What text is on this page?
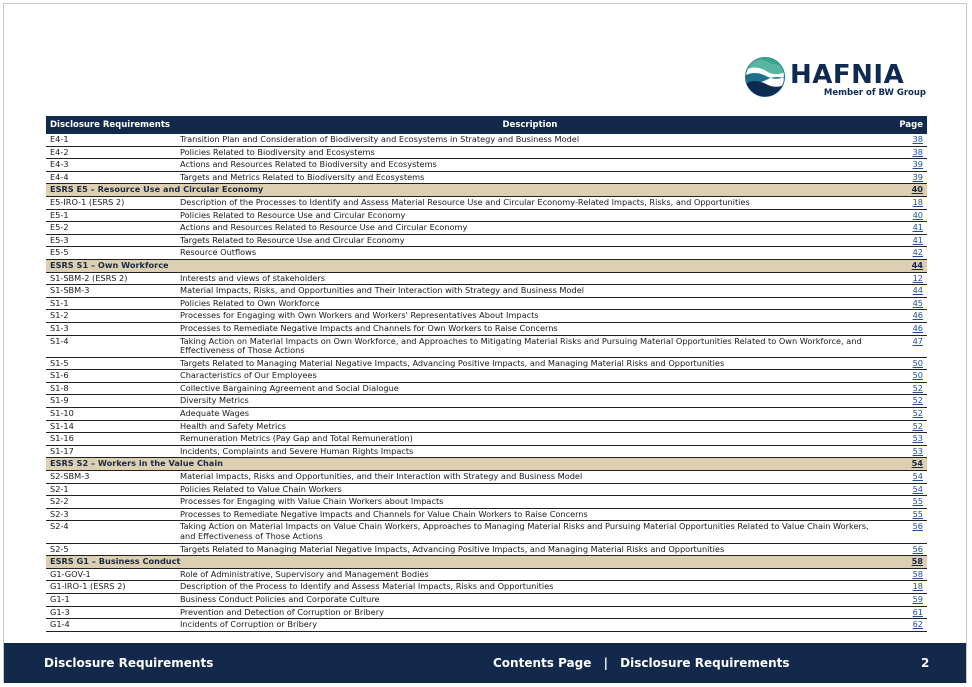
HAFNIA
Member of BW Group
Disclosure Requirements	Description	Page
E4-1	Transition Plan and Consideration of Biodiversity and Ecosystems in Strategy and Business Model	38
E4-2	Policies Related to Biodiversity and Ecosystems	38
E4-3	Actions and Resources Related to Biodiversity and Ecosystems	39
E4-4	Targets and Metrics Related to Biodiversity and Ecosystems	39
ESRS E5 – Resource Use and Circular Economy		40
E5-IRO-1 (ESRS 2)	Description of the Processes to Identify and Assess Material Resource Use and Circular Economy-Related Impacts, Risks, and Opportunities	18
E5-1	Policies Related to Resource Use and Circular Economy	40
E5-2	Actions and Resources Related to Resource Use and Circular Economy	41
E5-3	Targets Related to Resource Use and Circular Economy	41
E5-5	Resource Outflows	42
ESRS S1 – Own Workforce		44
S1-SBM-2 (ESRS 2)	Interests and views of stakeholders	12
S1-SBM-3	Material Impacts, Risks, and Opportunities and Their Interaction with Strategy and Business Model	44
S1-1	Policies Related to Own Workforce	45
S1-2	Processes for Engaging with Own Workers and Workers' Representatives About Impacts	46
S1-3	Processes to Remediate Negative Impacts and Channels for Own Workers to Raise Concerns	46
S1-4	Taking Action on Material Impacts on Own Workforce, and Approaches to Mitigating Material Risks and Pursuing Material Opportunities Related to Own Workforce, and Effectiveness of Those Actions	47
S1-5	Targets Related to Managing Material Negative Impacts, Advancing Positive Impacts, and Managing Material Risks and Opportunities	50
S1-6	Characteristics of Our Employees	50
S1-8	Collective Bargaining Agreement and Social Dialogue	52
S1-9	Diversity Metrics	52
S1-10	Adequate Wages	52
S1-14	Health and Safety Metrics	52
S1-16	Remuneration Metrics (Pay Gap and Total Remuneration)	53
S1-17	Incidents, Complaints and Severe Human Rights Impacts	53
ESRS S2 – Workers in the Value Chain		54
S2-SBM-3	Material Impacts, Risks and Opportunities, and their Interaction with Strategy and Business Model	54
S2-1	Policies Related to Value Chain Workers	54
S2-2	Processes for Engaging with Value Chain Workers about Impacts	55
S2-3	Processes to Remediate Negative Impacts and Channels for Value Chain Workers to Raise Concerns	55
S2-4	Taking Action on Material Impacts on Value Chain Workers, Approaches to Managing Material Risks and Pursuing Material Opportunities Related to Value Chain Workers, and Effectiveness of Those Actions	56
S2-5	Targets Related to Managing Material Negative Impacts, Advancing Positive Impacts, and Managing Material Risks and Opportunities	56
ESRS G1 – Business Conduct		58
G1-GOV-1	Role of Administrative, Supervisory and Management Bodies	58
G1-IRO-1 (ESRS 2)	Description of the Process to Identify and Assess Material Impacts, Risks and Opportunities	18
G1-1	Business Conduct Policies and Corporate Culture	59
G1-3	Prevention and Detection of Corruption or Bribery	61
G1-4	Incidents of Corruption or Bribery	62
Disclosure Requirements	Contents Page | Disclosure Requirements	2
